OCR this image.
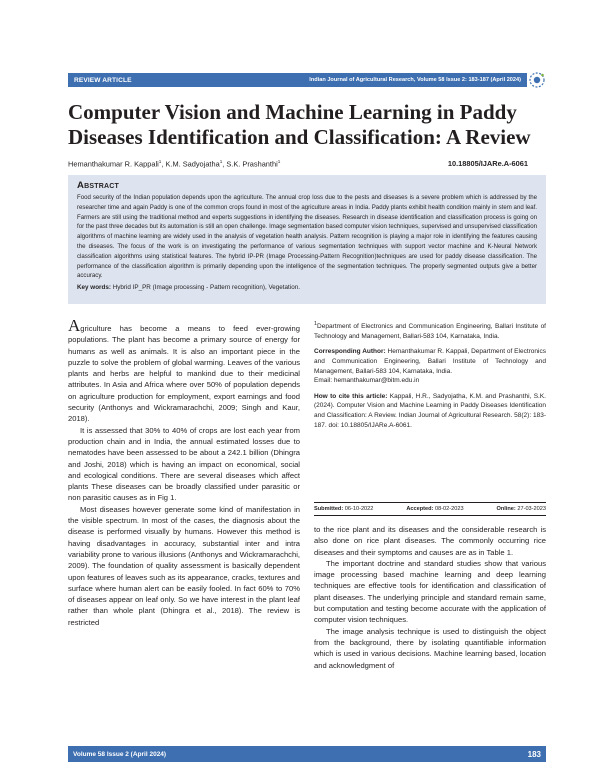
REVIEW ARTICLE	Indian Journal of Agricultural Research, Volume 58 Issue 2: 183-187 (April 2024)
Computer Vision and Machine Learning in Paddy Diseases Identification and Classification: A Review
Hemanthakumar R. Kappali$^1$, K.M. Sadyojatha$^1$, S.K. Prashanthi$^1$	10.18805/IJARe.A-6061
Abstract
Food security of the Indian population depends upon the agriculture. The annual crop loss due to the pests and diseases is a severe problem which is addressed by the researcher time and again Paddy is one of the common crops found in most of the agriculture areas in India. Paddy plants exhibit health condition mainly in stem and leaf. Farmers are still using the traditional method and experts suggestions in identifying the diseases. Research in disease identification and classification process is going on for the past three decades but its automation is still an open challenge. Image segmentation based computer vision techniques, supervised and unsupervised classification algorithms of machine learning are widely used in the analysis of vegetation health analysis. Pattern recognition is playing a major role in identifying the features causing the diseases. The focus of the work is on investigating the performance of various segmentation techniques with support vector machine and K-Neural Network classification algorithms using statistical features. The hybrid IP-PR (Image Processing-Pattern Recognition)techniques are used for paddy disease classification. The performance of the classification algorithm is primarily depending upon the intelligence of the segmentation techniques. The properly segmented outputs give a better accuracy.
Key words: Hybrid IP_PR (Image processing - Pattern recognition), Vegetation.

Agriculture has become a means to feed ever-growing populations. The plant has become a primary source of energy for humans as well as animals. It is also an important piece in the puzzle to solve the problem of global warming. Leaves of the various plants and herbs are helpful to mankind due to their medicinal attributes. In Asia and Africa where over 50% of population depends on agriculture production for employment, export earnings and food security (Anthonys and Wickramarachchi, 2009; Singh and Kaur, 2018).

It is assessed that 30% to 40% of crops are lost each year from production chain and in India, the annual estimated losses due to nematodes have been assessed to be about a 242.1 billion (Dhingra and Joshi, 2018) which is having an impact on economical, social and ecological conditions. There are several diseases which affect plants These diseases can be broadly classified under parasitic or non parasitic causes as in Fig 1.

Most diseases however generate some kind of manifestation in the visible spectrum. In most of the cases, the diagnosis about the disease is performed visually by humans. However this method is having disadvantages in accuracy, substantial inter and intra variability prone to various illusions (Anthonys and Wickramarachchi, 2009). The foundation of quality assessment is basically dependent upon features of leaves such as its appearance, cracks, textures and surface where human alert can be easily fooled. In fact 60% to 70% of diseases appear on leaf only. So we have interest in the plant leaf rather than whole plant (Dhingra et al., 2018). The review is restricted

$^1$Department of Electronics and Communication Engineering, Ballari Institute of Technology and Management, Ballari-583 104, Karnataka, India.

Corresponding Author: Hemanthakumar R. Kappali, Department of Electronics and Communication Engineering, Ballari Institute of Technology and Management, Ballari-583 104, Karnataka, India.
Email: hemanthakumar@bitm.edu.in

How to cite this article: Kappali, H.R., Sadyojatha, K.M. and Prashanthi, S.K. (2024). Computer Vision and Machine Learning in Paddy Diseases Identification and Classification: A Review. Indian Journal of Agricultural Research. 58(2): 183-187. doi: 10.18805/IJARe.A-6061.

Submitted: 06-10-2022	Accepted: 08-02-2023	Online: 27-03-2023

to the rice plant and its diseases and the considerable research is also done on rice plant diseases. The commonly occurring rice diseases and their symptoms and causes are as in Table 1.

The important doctrine and standard studies show that various image processing based machine learning and deep learning techniques are effective tools for identification and classification of plant diseases. The underlying principle and standard remain same, but computation and testing become accurate with the application of computer vision techniques.

The image analysis technique is used to distinguish the object from the background, there by isolating quantifiable information which is used in various decisions. Machine learning based, location and acknowledgment of

Volume 58 Issue 2 (April 2024)	183
